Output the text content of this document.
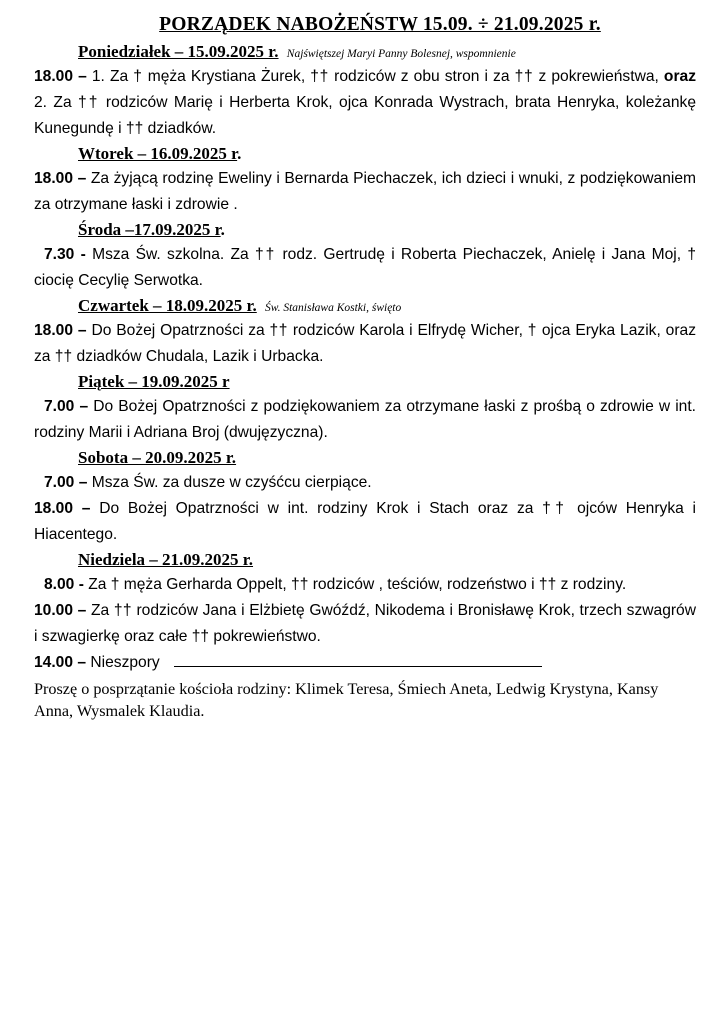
PORZĄDEK NABOŻEŃSTW 15.09. ÷ 21.09.2025 r.
Poniedziałek – 15.09.2025 r. Najświętszej Maryi Panny Bolesnej, wspomnienie

18.00 – 1. Za † męża Krystiana Żurek, †† rodziców z obu stron i za †† z pokrewieństwa, oraz 2. Za †† rodziców Marię i Herberta Krok, ojca Konrada Wystrach, brata Henryka, koleżankę Kunegundę i †† dziadków.

Wtorek – 16.09.2025 r.

18.00 – Za żyjącą rodzinę Eweliny i Bernarda Piechaczek, ich dzieci i wnuki, z podziękowaniem za otrzymane łaski i zdrowie .

Środa –17.09.2025 r.

7.30 - Msza Św. szkolna. Za †† rodz. Gertrudę i Roberta Piechaczek, Anielę i Jana Moj, † ciocię Cecylię Serwotka.

Czwartek – 18.09.2025 r. Św. Stanisława Kostki, święto

18.00 – Do Bożej Opatrzności za †† rodziców Karola i Elfrydę Wicher, † ojca Eryka Lazik, oraz za †† dziadków Chudala, Lazik i Urbacka.

Piątek – 19.09.2025 r

7.00 – Do Bożej Opatrzności z podziękowaniem za otrzymane łaski z prośbą o zdrowie w int. rodziny Marii i Adriana Broj (dwujęzyczna).

Sobota – 20.09.2025 r.

7.00 – Msza Św. za dusze w czyśćcu cierpiące.

18.00 – Do Bożej Opatrzności w int. rodziny Krok i Stach oraz za †† ojców Henryka i Hiacentego.

Niedziela – 21.09.2025 r.

8.00 - Za † męża Gerharda Oppelt, †† rodziców , teściów, rodzeństwo i †† z rodziny.

10.00 – Za †† rodziców Jana i Elżbietę Gwóźdź, Nikodema i Bronisławę Krok, trzech szwagrów i szwagierkę oraz całe †† pokrewieństwo.

14.00 – Nieszpory

Proszę o posprzątanie kościoła rodziny: Klimek Teresa, Śmiech Aneta, Ledwig Krystyna, Kansy Anna, Wysmalek Klaudia.
